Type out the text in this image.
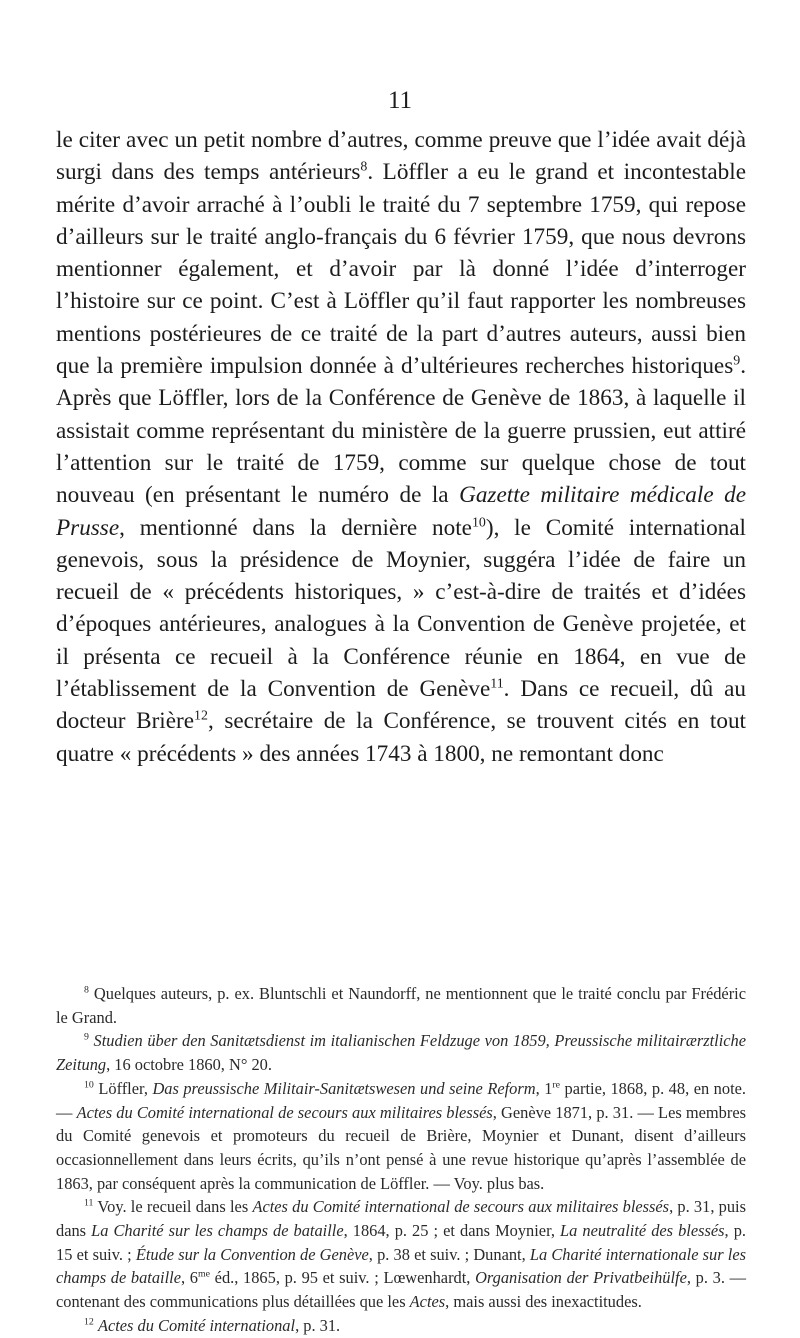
11

le citer avec un petit nombre d’autres, comme preuve que l’idée avait déjà surgi dans des temps antérieurs$^8$. Löffler a eu le grand et incontestable mérite d’avoir arraché à l’oubli le traité du 7 septembre 1759, qui repose d’ailleurs sur le traité anglo-français du 6 février 1759, que nous devrons mentionner également, et d’avoir par là donné l’idée d’interroger l’histoire sur ce point. C’est à Löffler qu’il faut rapporter les nombreuses mentions postérieures de ce traité de la part d’autres auteurs, aussi bien que la première impulsion donnée à d’ultérieures recherches historiques$^9$. Après que Löffler, lors de la Conférence de Genève de 1863, à laquelle il assistait comme représentant du ministère de la guerre prussien, eut attiré l’attention sur le traité de 1759, comme sur quelque chose de tout nouveau (en présentant le numéro de la Gazette militaire médicale de Prusse, mentionné dans la dernière note$^{10}$), le Comité international genevois, sous la présidence de Moynier, suggéra l’idée de faire un recueil de « précédents historiques, » c’est-à-dire de traités et d’idées d’époques antérieures, analogues à la Convention de Genève projetée, et il présenta ce recueil à la Conférence réunie en 1864, en vue de l’établissement de la Convention de Genève$^{11}$. Dans ce recueil, dû au docteur Brière$^{12}$, secrétaire de la Conférence, se trouvent cités en tout quatre « précédents » des années 1743 à 1800, ne remontant donc

$^8$ Quelques auteurs, p. ex. Bluntschli et Naundorff, ne mentionnent que le traité conclu par Frédéric le Grand.

$^9$ Studien über den Sanitætsdienst im italianischen Feldzuge von 1859, Preussische militairærztliche Zeitung, 16 octobre 1860, N° 20.

$^{10}$ Löffler, Das preussische Militair-Sanitætswesen und seine Reform, 1re partie, 1868, p. 48, en note. — Actes du Comité international de secours aux militaires blessés, Genève 1871, p. 31. — Les membres du Comité genevois et promoteurs du recueil de Brière, Moynier et Dunant, disent d’ailleurs occasionnellement dans leurs écrits, qu’ils n’ont pensé à une revue historique qu’après l’assemblée de 1863, par conséquent après la communication de Löffler. — Voy. plus bas.

$^{11}$ Voy. le recueil dans les Actes du Comité international de secours aux militaires blessés, p. 31, puis dans La Charité sur les champs de bataille, 1864, p. 25 ; et dans Moynier, La neutralité des blessés, p. 15 et suiv. ; Étude sur la Convention de Genève, p. 38 et suiv. ; Dunant, La Charité internationale sur les champs de bataille, $6^{me}$ éd., 1865, p. 95 et suiv. ; Lœwenhardt, Organisation der Privatbeihülfe, p. 3. — contenant des communications plus détaillées que les Actes, mais aussi des inexactitudes.

$^{12}$ Actes du Comité international, p. 31.
